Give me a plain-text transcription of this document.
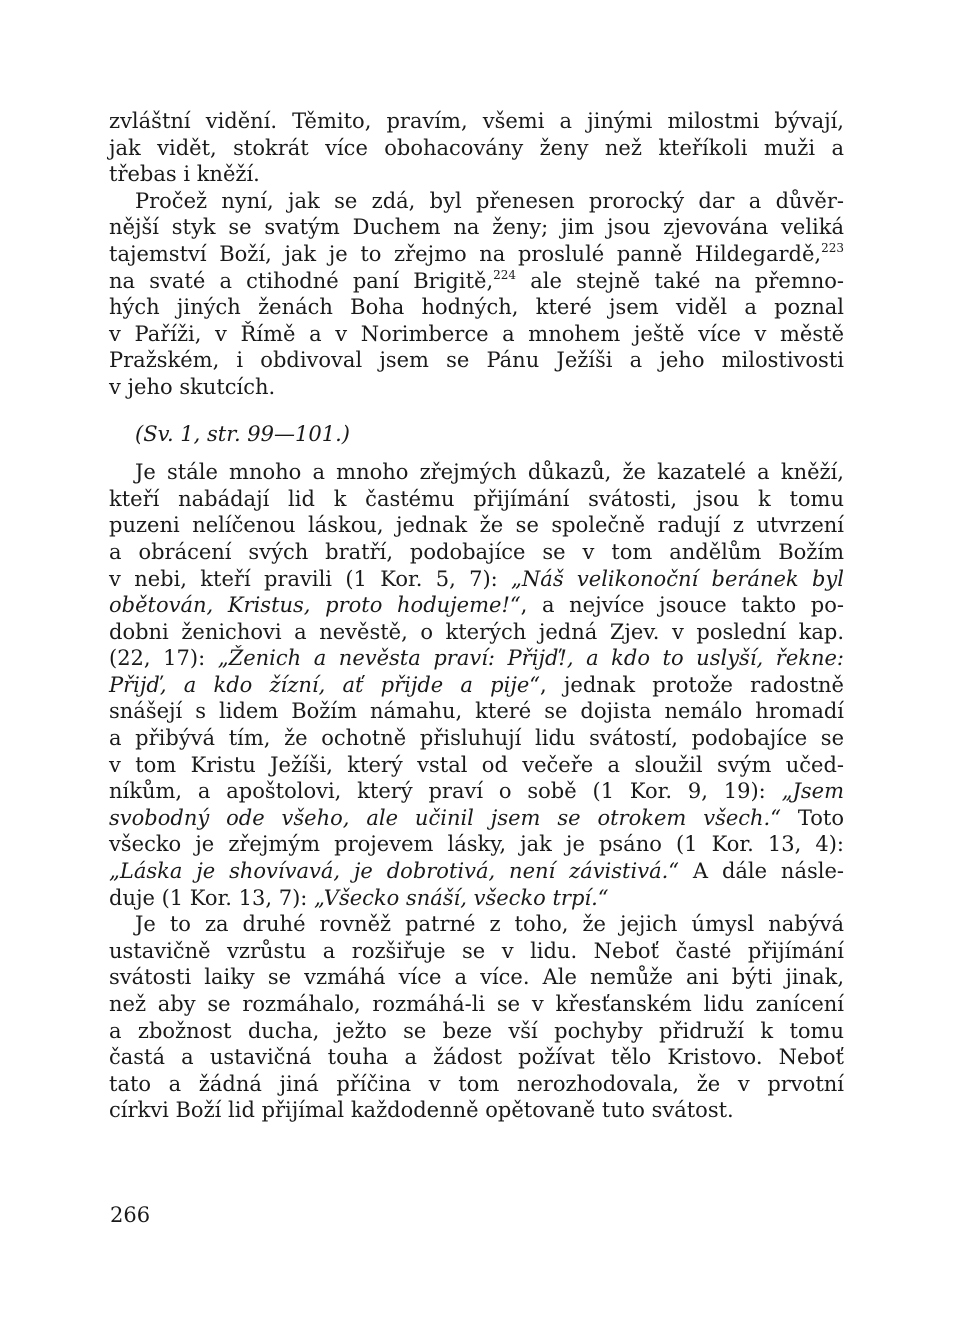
zvláštní vidění. Těmito, pravím, všemi a jinými milostmi bývají,
jak vidět, stokrát více obohacovány ženy než kteříkoli muži a
třebas i kněží.

Pročež nyní, jak se zdá, byl přenesen prorocký dar a důvěr-
nější styk se svatým Duchem na ženy; jim jsou zjevována veliká
tajemství Boží, jak je to zřejmo na proslulé panně Hildegardě,$^{223}$
na svaté a ctihodné paní Brigitě,$^{224}$ ale stejně také na přemno-
hých jiných ženách Boha hodných, které jsem viděl a poznal
v Paříži, v Římě a v Norimberce a mnohem ještě více v městě
Pražském, i obdivoval jsem se Pánu Ježíši a jeho milostivosti
v jeho skutcích.

(Sv. 1, str. 99—101.)

Je stále mnoho a mnoho zřejmých důkazů, že kazatelé a kněží,
kteří nabádají lid k častému přijímání svátosti, jsou k tomu
puzeni nelíčenou láskou, jednak že se společně radují z utvrzení
a obrácení svých bratří, podobajíce se v tom andělům Božím
v nebi, kteří pravili (1 Kor. 5, 7): „Náš velikonoční beránek byl
obětován, Kristus, proto hodujeme!“, a nejvíce jsouce takto po-
dobni ženichovi a nevěstě, o kterých jedná Zjev. v poslední kap.
(22, 17): „Ženich a nevěsta praví: Přijď!, a kdo to uslyší, řekne:
Přijď, a kdo žízní, ať přijde a pije“, jednak protože radostně
snášejí s lidem Božím námahu, které se dojista nemálo hromadí
a přibývá tím, že ochotně přisluhují lidu svátostí, podobajíce se
v tom Kristu Ježíši, který vstal od večeře a sloužil svým učed-
níkům, a apoštolovi, který praví o sobě (1 Kor. 9, 19): „Jsem
svobodný ode všeho, ale učinil jsem se otrokem všech.“ Toto
všecko je zřejmým projevem lásky, jak je psáno (1 Kor. 13, 4):
„Láska je shovívavá, je dobrotivá, není závistivá.“ A dále násle-
duje (1 Kor. 13, 7): „Všecko snáší, všecko trpí.“

Je to za druhé rovněž patrné z toho, že jejich úmysl nabývá
ustavičně vzrůstu a rozšiřuje se v lidu. Neboť časté přijímání
svátosti laiky se vzmáhá více a více. Ale nemůže ani býti jinak,
než aby se rozmáhalo, rozmáhá-li se v křesťanském lidu zanícení
a zbožnost ducha, ježto se beze vší pochyby přidruží k tomu
častá a ustavičná touha a žádost požívat tělo Kristovo. Neboť
tato a žádná jiná příčina v tom nerozhodovala, že v prvotní
církvi Boží lid přijímal každodenně opětovaně tuto svátost.

266
